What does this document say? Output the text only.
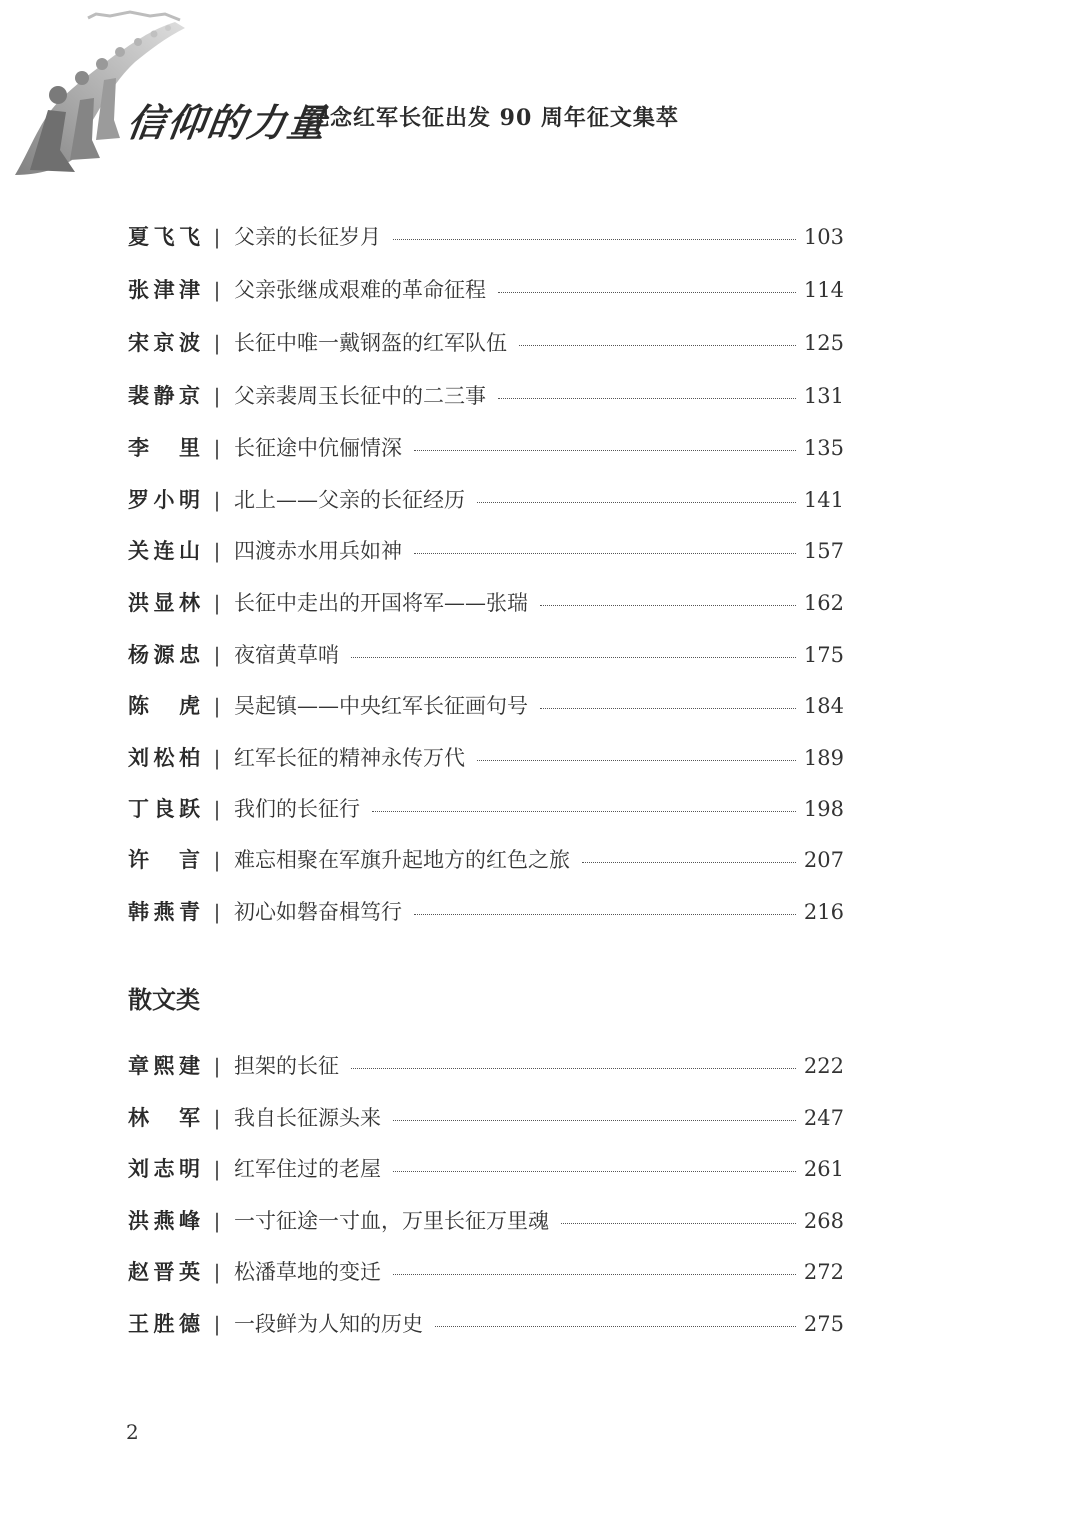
信仰的力量
纪念红军长征出发 90 周年征文集萃
夏飞飞 | 父亲的长征岁月	103
张津津 | 父亲张继成艰难的革命征程	114
宋京波 | 长征中唯一戴钢盔的红军队伍	125
裴静京 | 父亲裴周玉长征中的二三事	131
李 里 | 长征途中伉俪情深	135
罗小明 | 北上——父亲的长征经历	141
关连山 | 四渡赤水用兵如神	157
洪显林 | 长征中走出的开国将军——张瑞	162
杨源忠 | 夜宿黄草哨	175
陈 虎 | 吴起镇——中央红军长征画句号	184
刘松柏 | 红军长征的精神永传万代	189
丁良跃 | 我们的长征行	198
许 言 | 难忘相聚在军旗升起地方的红色之旅	207
韩燕青 | 初心如磐奋楫笃行	216
散文类
章熙建 | 担架的长征	222
林 军 | 我自长征源头来	247
刘志明 | 红军住过的老屋	261
洪燕峰 | 一寸征途一寸血，万里长征万里魂	268
赵晋英 | 松潘草地的变迁	272
王胜德 | 一段鲜为人知的历史	275
2
